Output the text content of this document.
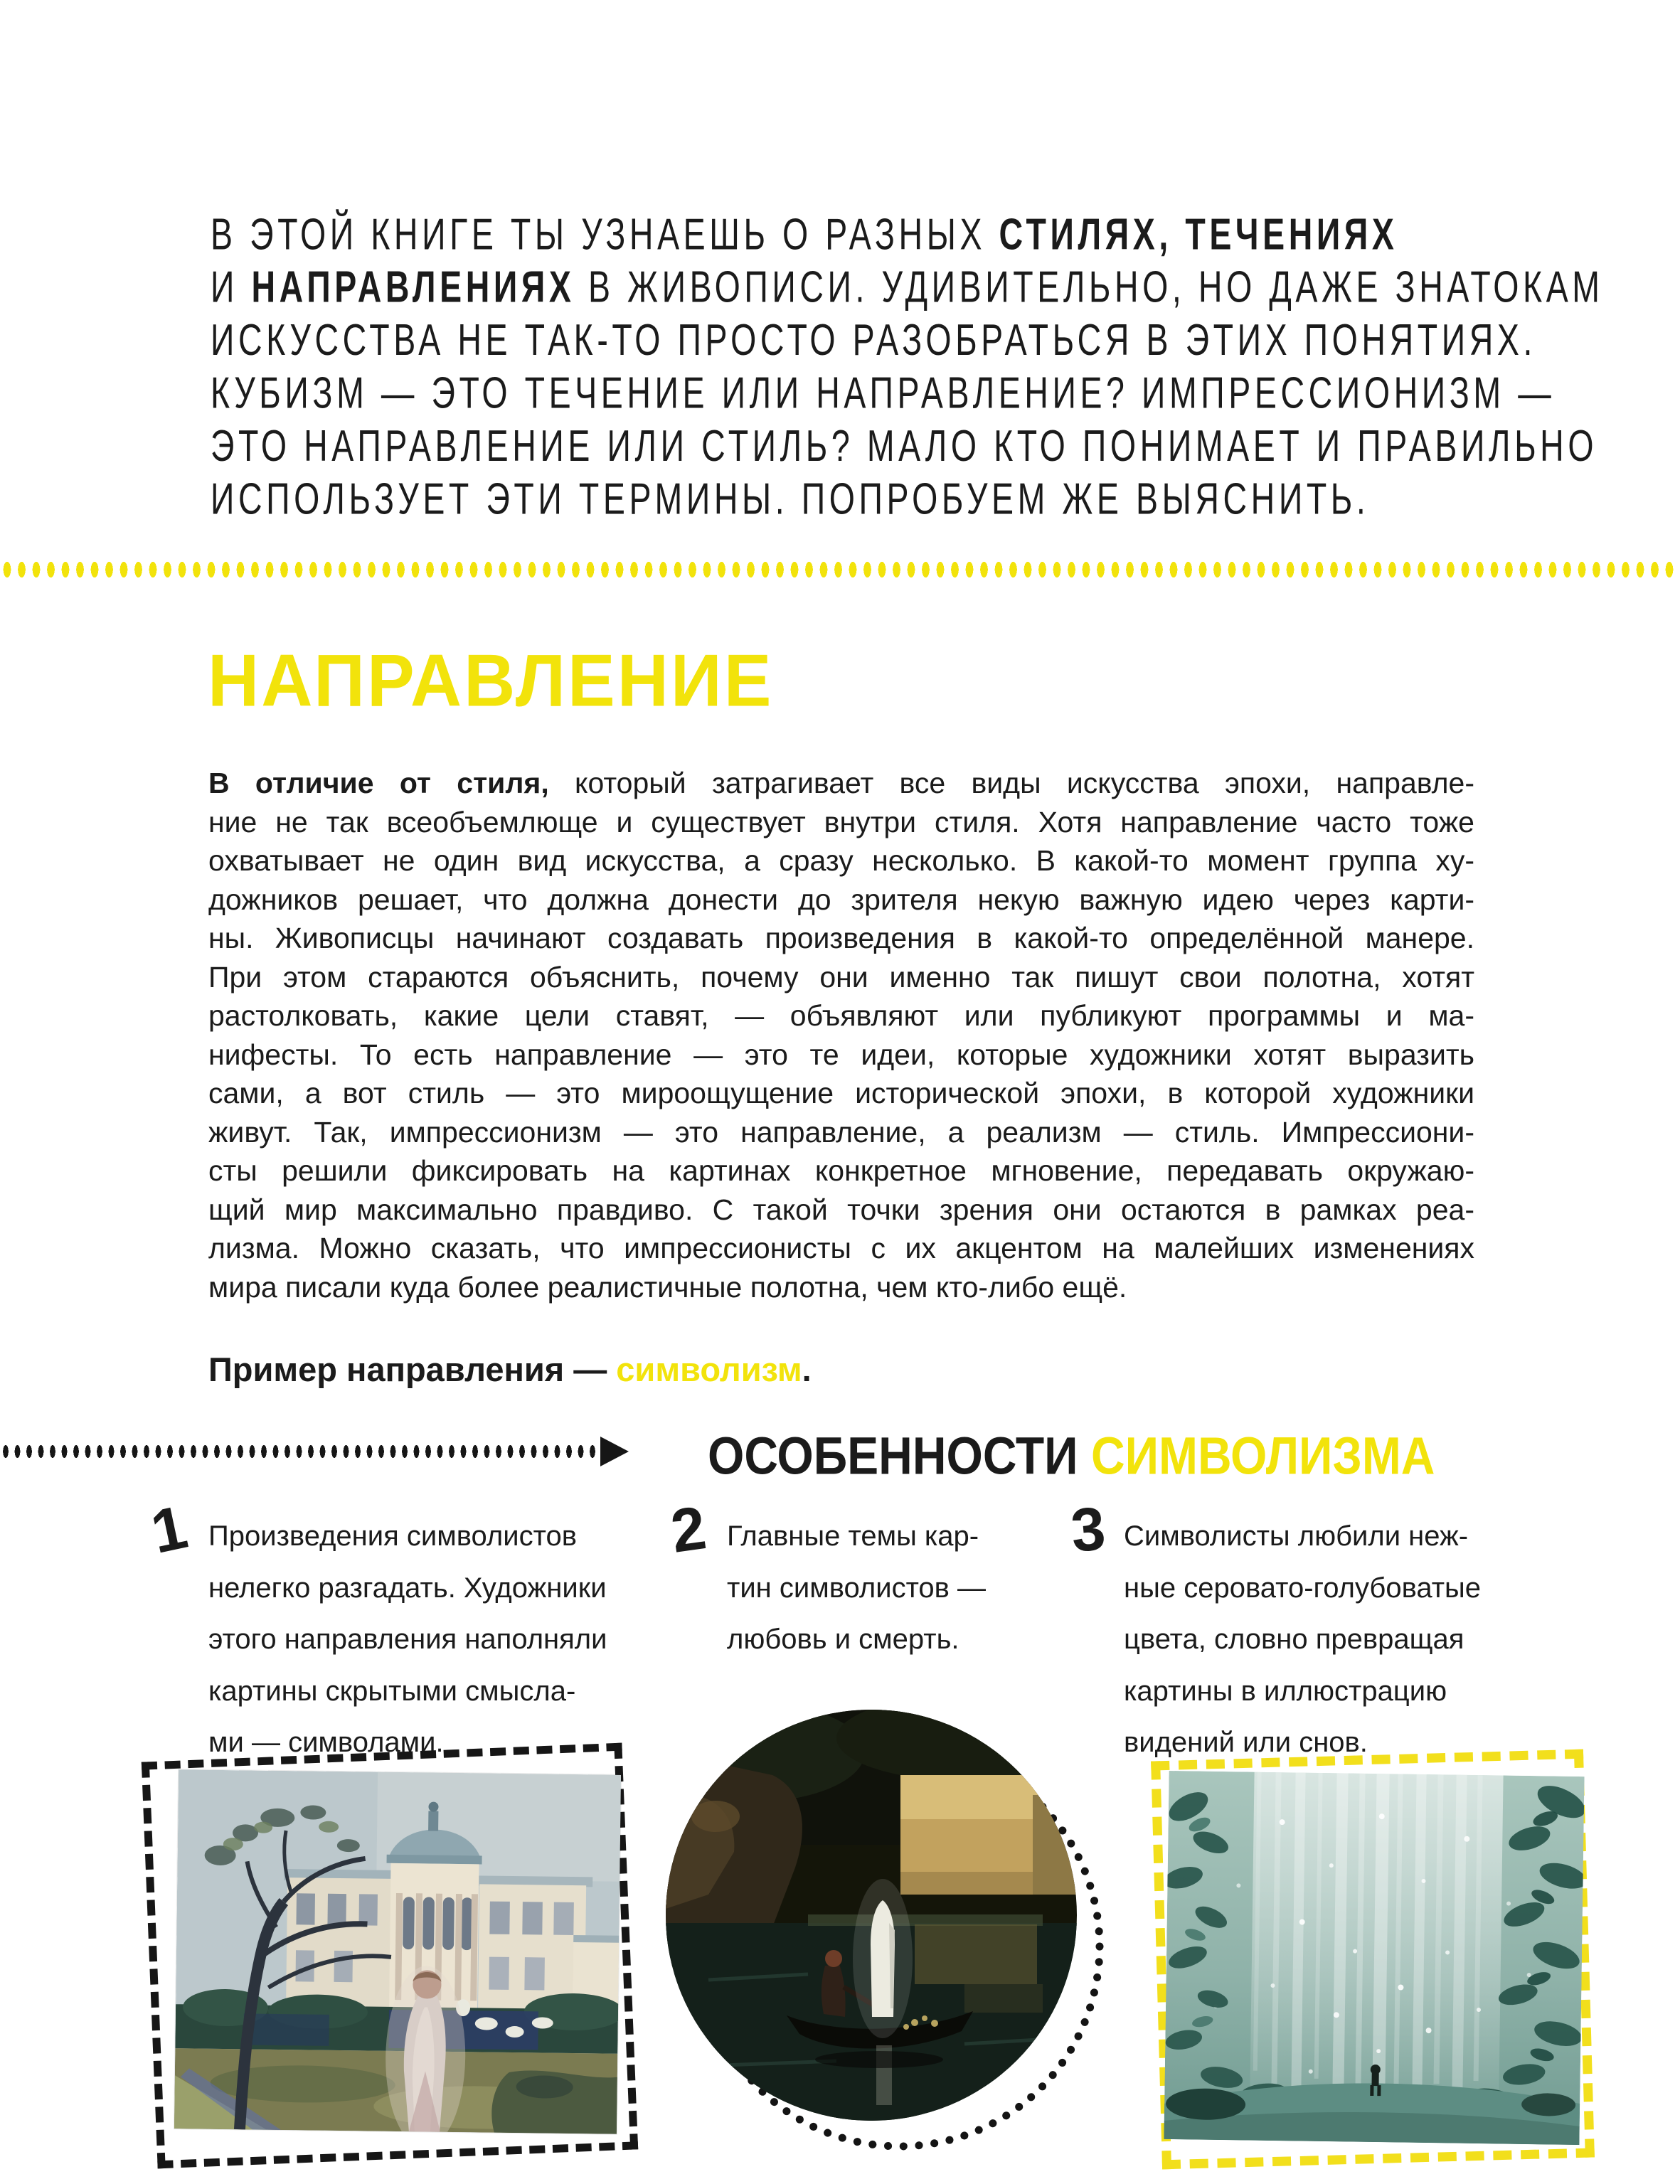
В ЭТОЙ КНИГЕ ТЫ УЗНАЕШЬ О РАЗНЫХ СТИЛЯХ, ТЕЧЕНИЯХ
И НАПРАВЛЕНИЯХ В ЖИВОПИСИ. УДИВИТЕЛЬНО, НО ДАЖЕ ЗНАТОКАМ
ИСКУССТВА НЕ ТАК-ТО ПРОСТО РАЗОБРАТЬСЯ В ЭТИХ ПОНЯТИЯХ.
КУБИЗМ — ЭТО ТЕЧЕНИЕ ИЛИ НАПРАВЛЕНИЕ? ИМПРЕССИОНИЗМ —
ЭТО НАПРАВЛЕНИЕ ИЛИ СТИЛЬ? МАЛО КТО ПОНИМАЕТ И ПРАВИЛЬНО
ИСПОЛЬЗУЕТ ЭТИ ТЕРМИНЫ. ПОПРОБУЕМ ЖЕ ВЫЯСНИТЬ.
НАПРАВЛЕНИЕ
В отличие от стиля, который затрагивает все виды искусства эпохи, направле-
ние не так всеобъемлюще и существует внутри стиля. Хотя направление часто тоже
охватывает не один вид искусства, а сразу несколько. В какой-то момент группа ху-
дожников решает, что должна донести до зрителя некую важную идею через карти-
ны. Живописцы начинают создавать произведения в какой-то определённой манере.
При этом стараются объяснить, почему они именно так пишут свои полотна, хотят
растолковать, какие цели ставят, — объявляют или публикуют программы и ма-
нифесты. То есть направление — это те идеи, которые художники хотят выразить
сами, а вот стиль — это мироощущение исторической эпохи, в которой художники
живут. Так, импрессионизм — это направление, а реализм — стиль. Импрессиони-
сты решили фиксировать на картинах конкретное мгновение, передавать окружаю-
щий мир максимально правдиво. С такой точки зрения они остаются в рамках реа-
лизма. Можно сказать, что импрессионисты с их акцентом на малейших изменениях
мира писали куда более реалистичные полотна, чем кто-либо ещё.
Пример направления — символизм.
ОСОБЕННОСТИ СИМВОЛИЗМА
1 Произведения символистов
нелегко разгадать. Художники
этого направления наполняли
картины скрытыми смысла-
ми — символами.
2 Главные темы кар-
тин символистов —
любовь и смерть.
3 Символисты любили неж-
ные серовато-голубоватые
цвета, словно превращая
картины в иллюстрацию
видений или снов.
